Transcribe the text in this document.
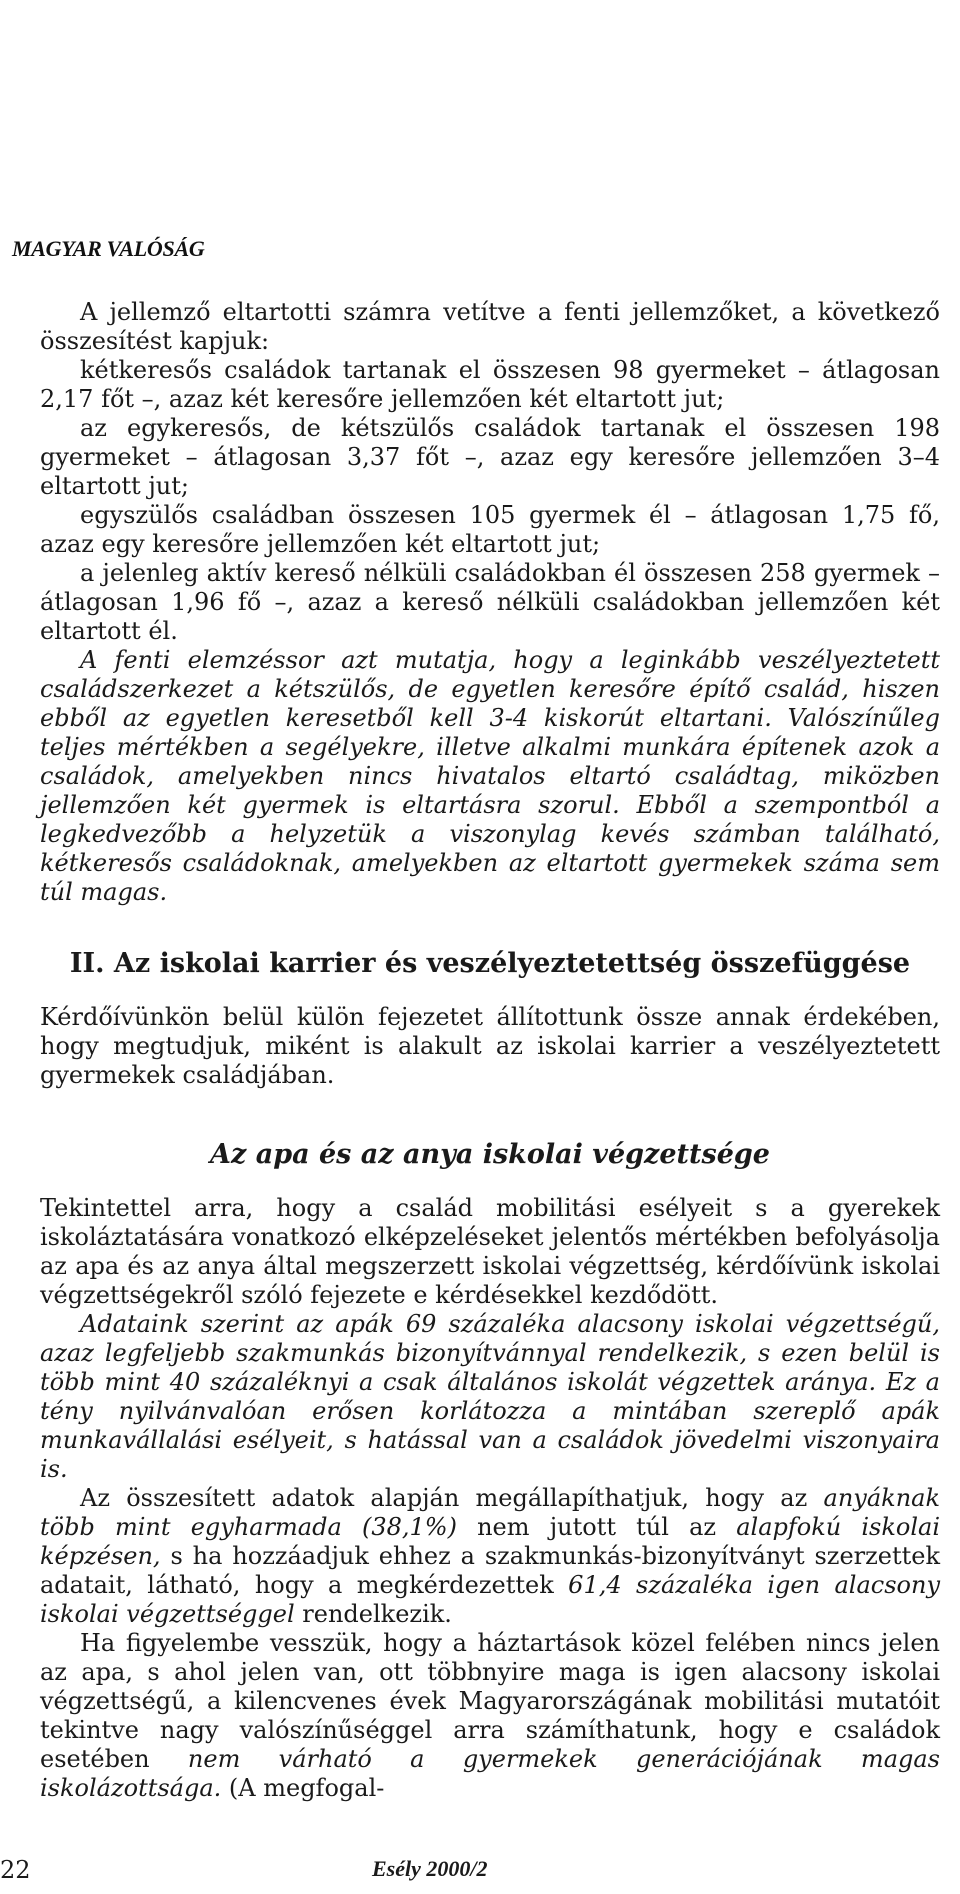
MAGYAR VALÓSÁG

A jellemző eltartotti számra vetítve a fenti jellemzőket, a következő összesítést kapjuk:

kétkeresős családok tartanak el összesen 98 gyermeket – átlagosan 2,17 főt –, azaz két keresőre jellemzően két eltartott jut;

az egykeresős, de kétszülős családok tartanak el összesen 198 gyermeket – átlagosan 3,37 főt –, azaz egy keresőre jellemzően 3–4 eltartott jut;

egyszülős családban összesen 105 gyermek él – átlagosan 1,75 fő, azaz egy keresőre jellemzően két eltartott jut;

a jelenleg aktív kereső nélküli családokban él összesen 258 gyermek – átlagosan 1,96 fő –, azaz a kereső nélküli családokban jellemzően két eltartott él.

A fenti elemzéssor azt mutatja, hogy a leginkább veszélyeztetett családszerkezet a kétszülős, de egyetlen keresőre építő család, hiszen ebből az egyetlen keresetből kell 3-4 kiskorút eltartani. Valószínűleg teljes mértékben a segélyekre, illetve alkalmi munkára építenek azok a családok, amelyekben nincs hivatalos eltartó családtag, miközben jellemzően két gyermek is eltartásra szorul. Ebből a szempontból a legkedvezőbb a helyzetük a viszonylag kevés számban található, kétkeresős családoknak, amelyekben az eltartott gyermekek száma sem túl magas.

II. Az iskolai karrier és veszélyeztetettség összefüggése

Kérdőívünkön belül külön fejezetet állítottunk össze annak érdekében, hogy megtudjuk, miként is alakult az iskolai karrier a veszélyeztetett gyermekek családjában.

Az apa és az anya iskolai végzettsége

Tekintettel arra, hogy a család mobilitási esélyeit s a gyerekek iskoláztatására vonatkozó elképzeléseket jelentős mértékben befolyásolja az apa és az anya által megszerzett iskolai végzettség, kérdőívünk iskolai végzettségekről szóló fejezete e kérdésekkel kezdődött.

Adataink szerint az apák 69 százaléka alacsony iskolai végzettségű, azaz legfeljebb szakmunkás bizonyítvánnyal rendelkezik, s ezen belül is több mint 40 százaléknyi a csak általános iskolát végzettek aránya. Ez a tény nyilvánvalóan erősen korlátozza a mintában szereplő apák munkavállalási esélyeit, s hatással van a családok jövedelmi viszonyaira is.

Az összesített adatok alapján megállapíthatjuk, hogy az anyáknak több mint egyharmada (38,1%) nem jutott túl az alapfokú iskolai képzésen, s ha hozzáadjuk ehhez a szakmunkás-bizonyítványt szerzettek adatait, látható, hogy a megkérdezettek 61,4 százaléka igen alacsony iskolai végzettséggel rendelkezik.

Ha figyelembe vesszük, hogy a háztartások közel felében nincs jelen az apa, s ahol jelen van, ott többnyire maga is igen alacsony iskolai végzettségű, a kilencvenes évek Magyarországának mobilitási mutatóit tekintve nagy valószínűséggel arra számíthatunk, hogy e családok esetében nem várható a gyermekek generációjának magas iskolázottsága. (A megfogal-

22	Esély 2000/2
